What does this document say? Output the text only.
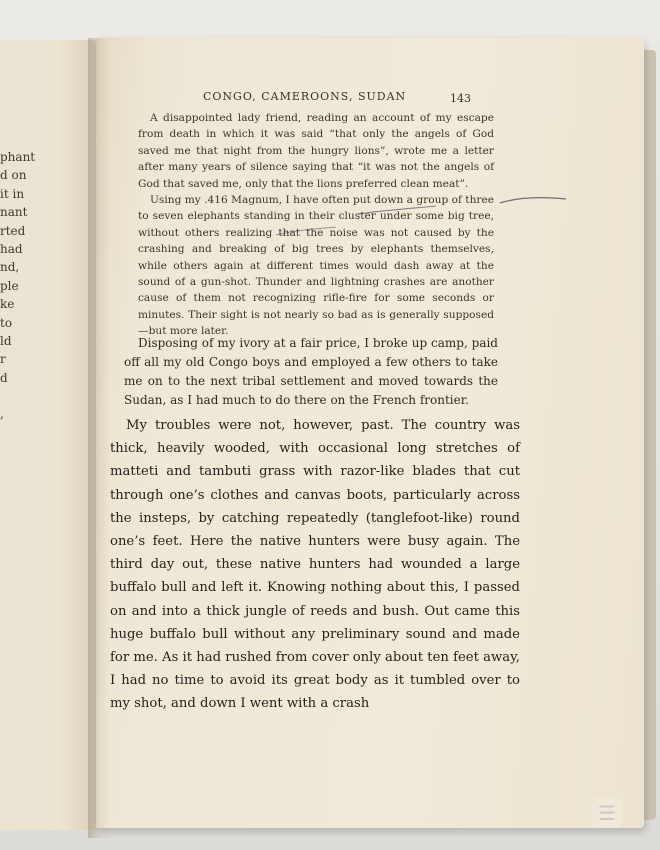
phant
d on
it in
nant
rted
had
nd,
ple
ke
to
ld
r
d
,
CONGO, CAMEROONS, SUDAN	143

A disappointed lady friend, reading an account of my escape from death in which it was said “that only the angels of God saved me that night from the hungry lions”, wrote me a letter after many years of silence saying that “it was not the angels of God that saved me, only that the lions preferred clean meat”.

Using my .416 Magnum, I have often put down a group of three to seven elephants standing in their cluster under some big tree, without others realizing that the noise was not caused by the crashing and breaking of big trees by elephants themselves, while others again at different times would dash away at the sound of a gun-shot. Thunder and lightning crashes are another cause of them not recognizing rifle-fire for some seconds or minutes. Their sight is not nearly so bad as is generally supposed—but more later.

Disposing of my ivory at a fair price, I broke up camp, paid off all my old Congo boys and employed a few others to take me on to the next tribal settlement and moved towards the Sudan, as I had much to do there on the French frontier.

My troubles were not, however, past. The country was thick, heavily wooded, with occasional long stretches of matteti and tambuti grass with razor-like blades that cut through one’s clothes and canvas boots, particularly across the insteps, by catching repeatedly (tanglefoot-like) round one’s feet. Here the native hunters were busy again. The third day out, these native hunters had wounded a large buffalo bull and left it. Knowing nothing about this, I passed on and into a thick jungle of reeds and bush. Out came this huge buffalo bull without any preliminary sound and made for me. As it had rushed from cover only about ten feet away, I had no time to avoid its great body as it tumbled over to my shot, and down I went with a crash

☰
